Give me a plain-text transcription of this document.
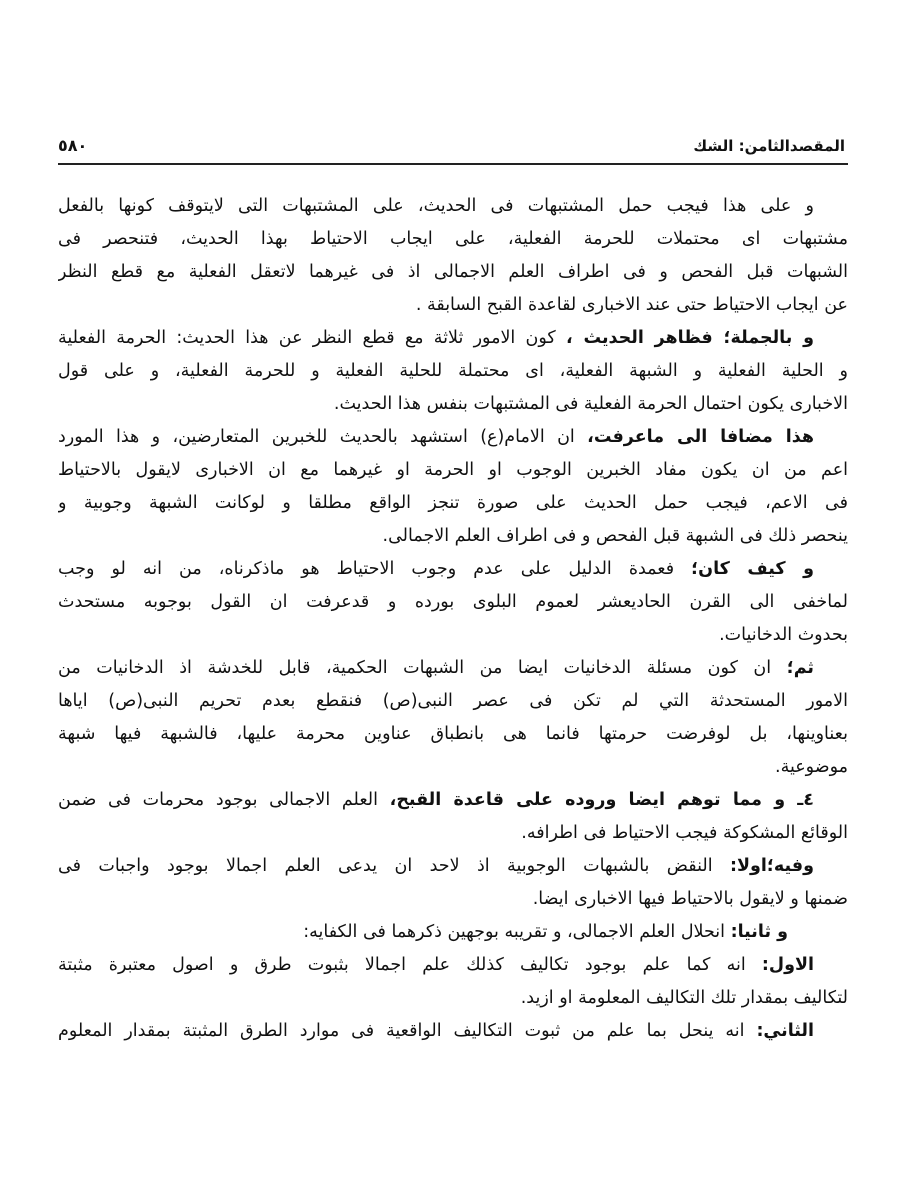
المقصدالثامن: الشك
٥٨٠
و على هذا فيجب حمل المشتبهات فى الحديث، على المشتبهات التى لايتوقف كونها بالفعل
مشتبهات اى محتملات للحرمة الفعلية، على ايجاب الاحتياط بهذا الحديث، فتنحصر فى
الشبهات قبل الفحص و فى اطراف العلم الاجمالى اذ فى غيرهما لاتعقل الفعلية مع قطع النظر
عن ايجاب الاحتياط حتى عند الاخبارى لقاعدة القبح السابقة .
و بالجملة؛ فظاهر الحديث ، كون الامور ثلاثة مع قطع النظر عن هذا الحديث: الحرمة الفعلية
و الحلية الفعلية و الشبهة الفعلية، اى محتملة للحلية الفعلية و للحرمة الفعلية، و على قول
الاخبارى يكون احتمال الحرمة الفعلية فى المشتبهات بنفس هذا الحديث.
هذا مضافا الى ماعرفت، ان الامام(ع) استشهد بالحديث للخبرين المتعارضين، و هذا المورد
اعم من ان يكون مفاد الخبرين الوجوب او الحرمة او غيرهما مع ان الاخبارى لايقول بالاحتياط
فى الاعم، فيجب حمل الحديث على صورة تنجز الواقع مطلقا و لوكانت الشبهة وجوبية و
ينحصر ذلك فى الشبهة قبل الفحص و فى اطراف العلم الاجمالى.
و كيف كان؛ فعمدة الدليل على عدم وجوب الاحتياط هو ماذكرناه، من انه لو وجب
لماخفى الى القرن الحاديعشر لعموم البلوى بورده و قدعرفت ان القول بوجوبه مستحدث
بحدوث الدخانيات.
ثم؛ ان كون مسئلة الدخانيات ايضا من الشبهات الحكمية، قابل للخدشة اذ الدخانيات من
الامور المستحدثة التي لم تكن فى عصر النبى(ص) فنقطع بعدم تحريم النبى(ص) اياها
بعناوينها، بل لوفرضت حرمتها فانما هى بانطباق عناوين محرمة عليها، فالشبهة فيها شبهة
موضوعية.
٤ـ و مما توهم ايضا وروده على قاعدة القبح، العلم الاجمالى بوجود محرمات فى ضمن
الوقائع المشكوكة فيجب الاحتياط فى اطرافه.
وفيه؛اولا: النقض بالشبهات الوجوبية اذ لاحد ان يدعى العلم اجمالا بوجود واجبات فى
ضمنها و لايقول بالاحتياط فيها الاخبارى ايضا.
و ثانيا: انحلال العلم الاجمالى، و تقريبه بوجهين ذكرهما فى الكفايه:
الاول: انه كما علم بوجود تكاليف كذلك علم اجمالا بثبوت طرق و اصول معتبرة مثبتة
لتكاليف بمقدار تلك التكاليف المعلومة او ازيد.
الثاني: انه ينحل بما علم من ثبوت التكاليف الواقعية فى موارد الطرق المثبتة بمقدار المعلوم
